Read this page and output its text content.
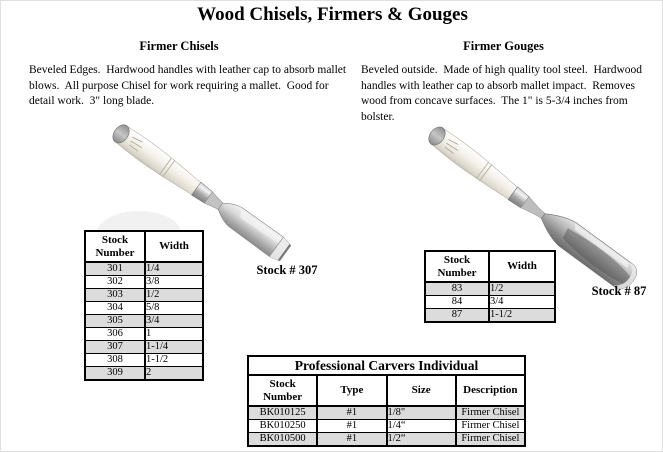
Wood Chisels, Firmers & Gouges
Firmer Chisels	Firmer Gouges
Beveled Edges.  Hardwood handles with leather cap to absorb mallet blows.  All purpose Chisel for work requiring a mallet.  Good for detail work.  3" long blade.
Beveled outside.  Made of high quality tool steel.  Hardwood handles with leather cap to absorb mallet impact.  Removes wood from concave surfaces.  The 1" is 5-3/4 inches from bolster.
Stock # 307
Stock # 87
Stock Number	Width
301	1/4
302	3/8
303	1/2
304	5/8
305	3/4
306	1
307	1-1/4
308	1-1/2
309	2
Stock Number	Width
83	1/2
84	3/4
87	1-1/2
Professional Carvers Individual			
Stock Number	Type	Size	Description
BK010125	#1	1/8"	Firmer Chisel
BK010250	#1	1/4“	Firmer Chisel
BK010500	#1	1/2“	Firmer Chisel
